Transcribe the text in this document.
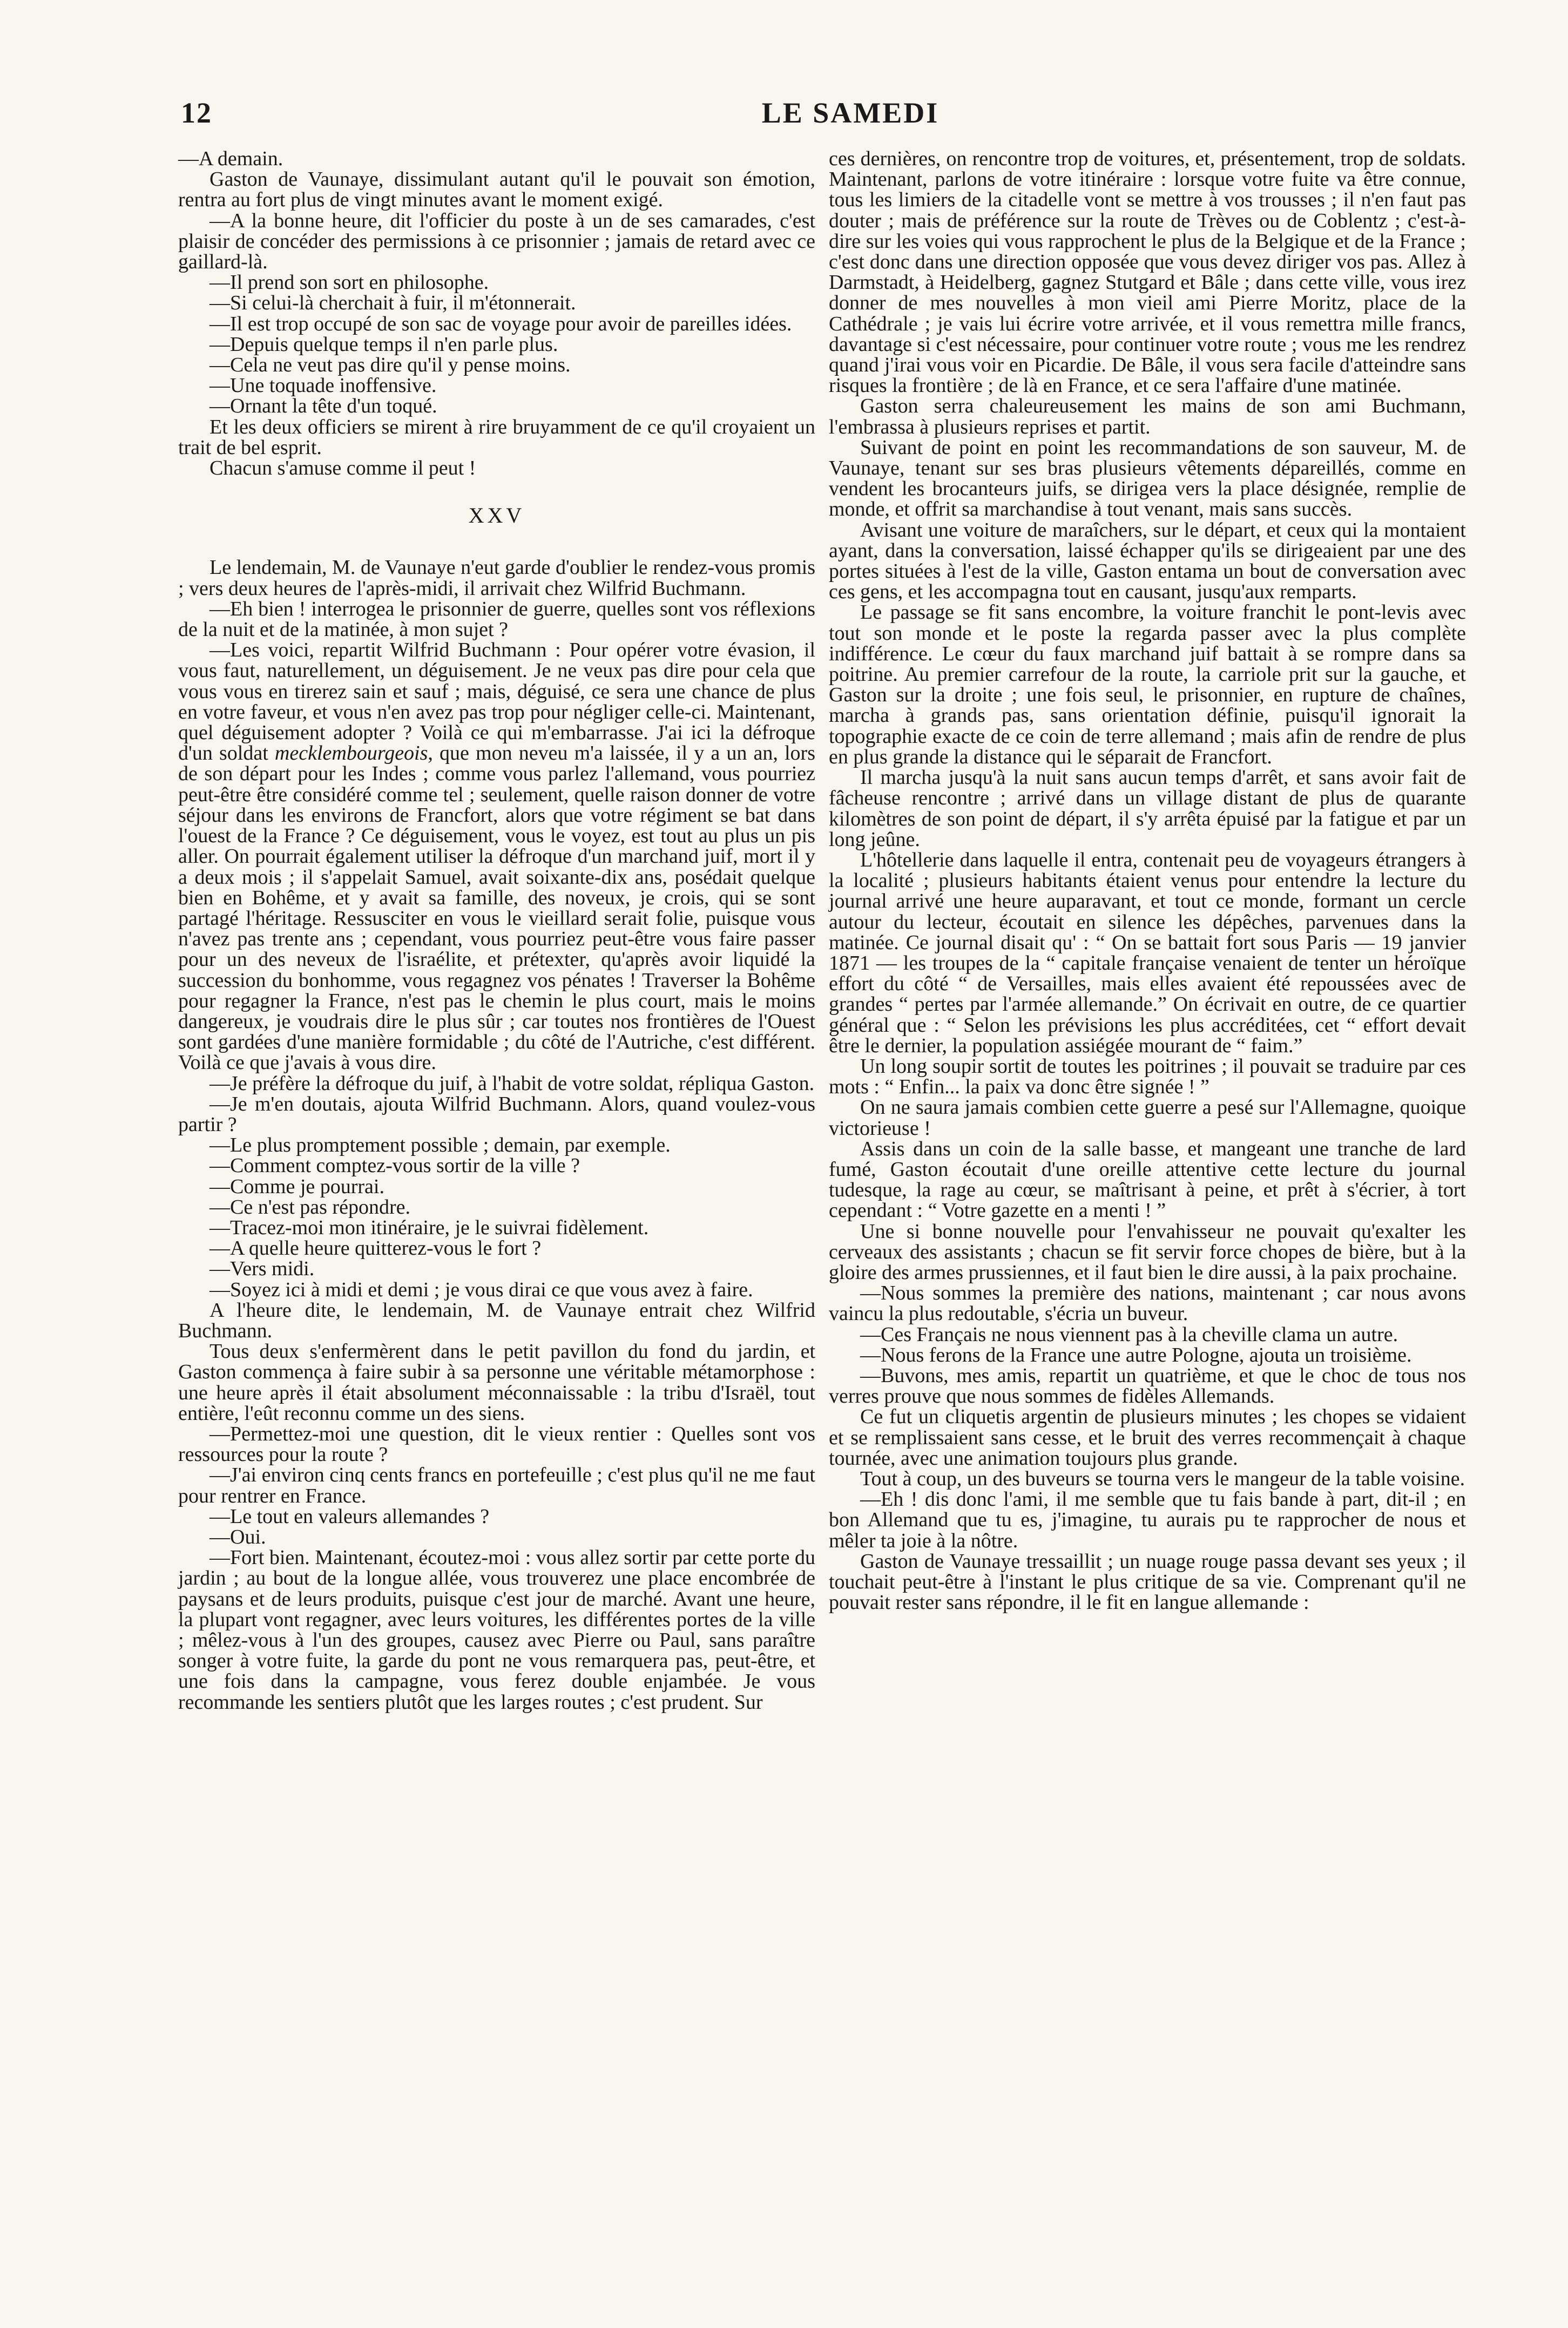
12	LE SAMEDI

—A demain.

Gaston de Vaunaye, dissimulant autant qu'il le pouvait son émotion, rentra au fort plus de vingt minutes avant le moment exigé.

—A la bonne heure, dit l'officier du poste à un de ses camarades, c'est plaisir de concéder des permissions à ce prisonnier ; jamais de retard avec ce gaillard-là.

—Il prend son sort en philosophe.

—Si celui-là cherchait à fuir, il m'étonnerait.

—Il est trop occupé de son sac de voyage pour avoir de pareilles idées.

—Depuis quelque temps il n'en parle plus.

—Cela ne veut pas dire qu'il y pense moins.

—Une toquade inoffensive.

—Ornant la tête d'un toqué.

Et les deux officiers se mirent à rire bruyamment de ce qu'il croyaient un trait de bel esprit.

Chacun s'amuse comme il peut !

XXV

Le lendemain, M. de Vaunaye n'eut garde d'oublier le rendez-vous promis ; vers deux heures de l'après-midi, il arrivait chez Wilfrid Buchmann.

—Eh bien ! interrogea le prisonnier de guerre, quelles sont vos réflexions de la nuit et de la matinée, à mon sujet ?

—Les voici, repartit Wilfrid Buchmann : Pour opérer votre évasion, il vous faut, naturellement, un déguisement. Je ne veux pas dire pour cela que vous vous en tirerez sain et sauf ; mais, déguisé, ce sera une chance de plus en votre faveur, et vous n'en avez pas trop pour négliger celle-ci. Maintenant, quel déguisement adopter ? Voilà ce qui m'embarrasse. J'ai ici la défroque d'un soldat mecklembourgeois, que mon neveu m'a laissée, il y a un an, lors de son départ pour les Indes ; comme vous parlez l'allemand, vous pourriez peut-être être considéré comme tel ; seulement, quelle raison donner de votre séjour dans les environs de Francfort, alors que votre régiment se bat dans l'ouest de la France ? Ce déguisement, vous le voyez, est tout au plus un pis aller. On pourrait également utiliser la défroque d'un marchand juif, mort il y a deux mois ; il s'appelait Samuel, avait soixante-dix ans, posédait quelque bien en Bohême, et y avait sa famille, des noveux, je crois, qui se sont partagé l'héritage. Ressusciter en vous le vieillard serait folie, puisque vous n'avez pas trente ans ; cependant, vous pourriez peut-être vous faire passer pour un des neveux de l'israélite, et prétexter, qu'après avoir liquidé la succession du bonhomme, vous regagnez vos pénates ! Traverser la Bohême pour regagner la France, n'est pas le chemin le plus court, mais le moins dangereux, je voudrais dire le plus sûr ; car toutes nos frontières de l'Ouest sont gardées d'une manière formidable ; du côté de l'Autriche, c'est différent. Voilà ce que j'avais à vous dire.

—Je préfère la défroque du juif, à l'habit de votre soldat, répliqua Gaston.

—Je m'en doutais, ajouta Wilfrid Buchmann. Alors, quand voulez-vous partir ?

—Le plus promptement possible ; demain, par exemple.

—Comment comptez-vous sortir de la ville ?

—Comme je pourrai.

—Ce n'est pas répondre.

—Tracez-moi mon itinéraire, je le suivrai fidèlement.

—A quelle heure quitterez-vous le fort ?

—Vers midi.

—Soyez ici à midi et demi ; je vous dirai ce que vous avez à faire.

A l'heure dite, le lendemain, M. de Vaunaye entrait chez Wilfrid Buchmann.

Tous deux s'enfermèrent dans le petit pavillon du fond du jardin, et Gaston commença à faire subir à sa personne une véritable métamorphose : une heure après il était absolument méconnaissable : la tribu d'Israël, tout entière, l'eût reconnu comme un des siens.

—Permettez-moi une question, dit le vieux rentier : Quelles sont vos ressources pour la route ?

—J'ai environ cinq cents francs en portefeuille ; c'est plus qu'il ne me faut pour rentrer en France.

—Le tout en valeurs allemandes ?

—Oui.

—Fort bien. Maintenant, écoutez-moi : vous allez sortir par cette porte du jardin ; au bout de la longue allée, vous trouverez une place encombrée de paysans et de leurs produits, puisque c'est jour de marché. Avant une heure, la plupart vont regagner, avec leurs voitures, les différentes portes de la ville ; mêlez-vous à l'un des groupes, causez avec Pierre ou Paul, sans paraître songer à votre fuite, la garde du pont ne vous remarquera pas, peut-être, et une fois dans la campagne, vous ferez double enjambée. Je vous recommande les sentiers plutôt que les larges routes ; c'est prudent. Sur

ces dernières, on rencontre trop de voitures, et, présentement, trop de soldats. Maintenant, parlons de votre itinéraire : lorsque votre fuite va être connue, tous les limiers de la citadelle vont se mettre à vos trousses ; il n'en faut pas douter ; mais de préférence sur la route de Trèves ou de Coblentz ; c'est-à-dire sur les voies qui vous rapprochent le plus de la Belgique et de la France ; c'est donc dans une direction opposée que vous devez diriger vos pas. Allez à Darmstadt, à Heidelberg, gagnez Stutgard et Bâle ; dans cette ville, vous irez donner de mes nouvelles à mon vieil ami Pierre Moritz, place de la Cathédrale ; je vais lui écrire votre arrivée, et il vous remettra mille francs, davantage si c'est nécessaire, pour continuer votre route ; vous me les rendrez quand j'irai vous voir en Picardie. De Bâle, il vous sera facile d'atteindre sans risques la frontière ; de là en France, et ce sera l'affaire d'une matinée.

Gaston serra chaleureusement les mains de son ami Buchmann, l'embrassa à plusieurs reprises et partit.

Suivant de point en point les recommandations de son sauveur, M. de Vaunaye, tenant sur ses bras plusieurs vêtements dépareillés, comme en vendent les brocanteurs juifs, se dirigea vers la place désignée, remplie de monde, et offrit sa marchandise à tout venant, mais sans succès.

Avisant une voiture de maraîchers, sur le départ, et ceux qui la montaient ayant, dans la conversation, laissé échapper qu'ils se dirigeaient par une des portes situées à l'est de la ville, Gaston entama un bout de conversation avec ces gens, et les accompagna tout en causant, jusqu'aux remparts.

Le passage se fit sans encombre, la voiture franchit le pont-levis avec tout son monde et le poste la regarda passer avec la plus complète indifférence. Le cœur du faux marchand juif battait à se rompre dans sa poitrine. Au premier carrefour de la route, la carriole prit sur la gauche, et Gaston sur la droite ; une fois seul, le prisonnier, en rupture de chaînes, marcha à grands pas, sans orientation définie, puisqu'il ignorait la topographie exacte de ce coin de terre allemand ; mais afin de rendre de plus en plus grande la distance qui le séparait de Francfort.

Il marcha jusqu'à la nuit sans aucun temps d'arrêt, et sans avoir fait de fâcheuse rencontre ; arrivé dans un village distant de plus de quarante kilomètres de son point de départ, il s'y arrêta épuisé par la fatigue et par un long jeûne.

L'hôtellerie dans laquelle il entra, contenait peu de voyageurs étrangers à la localité ; plusieurs habitants étaient venus pour entendre la lecture du journal arrivé une heure auparavant, et tout ce monde, formant un cercle autour du lecteur, écoutait en silence les dépêches, parvenues dans la matinée. Ce journal disait qu' : “ On se battait fort sous Paris — 19 janvier 1871 — les troupes de la “ capitale française venaient de tenter un héroïque effort du côté “ de Versailles, mais elles avaient été repoussées avec de grandes “ pertes par l'armée allemande.” On écrivait en outre, de ce quartier général que : “ Selon les prévisions les plus accréditées, cet “ effort devait être le dernier, la population assiégée mourant de “ faim.”

Un long soupir sortit de toutes les poitrines ; il pouvait se traduire par ces mots : “ Enfin... la paix va donc être signée ! ”

On ne saura jamais combien cette guerre a pesé sur l'Allemagne, quoique victorieuse !

Assis dans un coin de la salle basse, et mangeant une tranche de lard fumé, Gaston écoutait d'une oreille attentive cette lecture du journal tudesque, la rage au cœur, se maîtrisant à peine, et prêt à s'écrier, à tort cependant : “ Votre gazette en a menti ! ”

Une si bonne nouvelle pour l'envahisseur ne pouvait qu'exalter les cerveaux des assistants ; chacun se fit servir force chopes de bière, but à la gloire des armes prussiennes, et il faut bien le dire aussi, à la paix prochaine.

—Nous sommes la première des nations, maintenant ; car nous avons vaincu la plus redoutable, s'écria un buveur.

—Ces Français ne nous viennent pas à la cheville clama un autre.

—Nous ferons de la France une autre Pologne, ajouta un troisième.

—Buvons, mes amis, repartit un quatrième, et que le choc de tous nos verres prouve que nous sommes de fidèles Allemands.

Ce fut un cliquetis argentin de plusieurs minutes ; les chopes se vidaient et se remplissaient sans cesse, et le bruit des verres recommençait à chaque tournée, avec une animation toujours plus grande.

Tout à coup, un des buveurs se tourna vers le mangeur de la table voisine.

—Eh ! dis donc l'ami, il me semble que tu fais bande à part, dit-il ; en bon Allemand que tu es, j'imagine, tu aurais pu te rapprocher de nous et mêler ta joie à la nôtre.

Gaston de Vaunaye tressaillit ; un nuage rouge passa devant ses yeux ; il touchait peut-être à l'instant le plus critique de sa vie. Comprenant qu'il ne pouvait rester sans répondre, il le fit en langue allemande :
